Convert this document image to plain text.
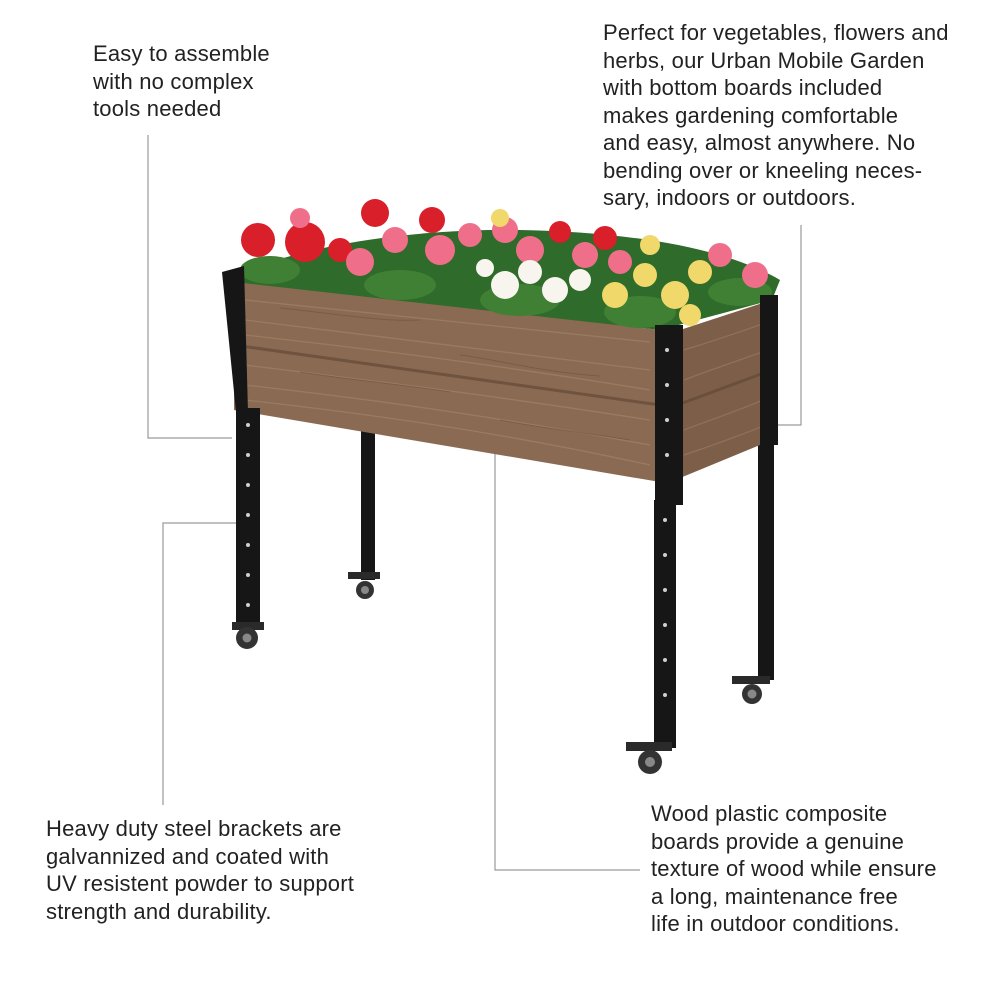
Easy to assemble
with no complex
tools needed
Perfect for vegetables, flowers and
herbs, our Urban Mobile Garden
with bottom boards included
makes gardening comfortable
and easy, almost anywhere. No
bending over or kneeling neces-
sary, indoors or outdoors.
Heavy duty steel brackets are
galvannized and coated with
UV resistent powder to support
strength and durability.
Wood plastic composite
boards provide a genuine
texture of wood while ensure
a long, maintenance free
life in outdoor conditions.
